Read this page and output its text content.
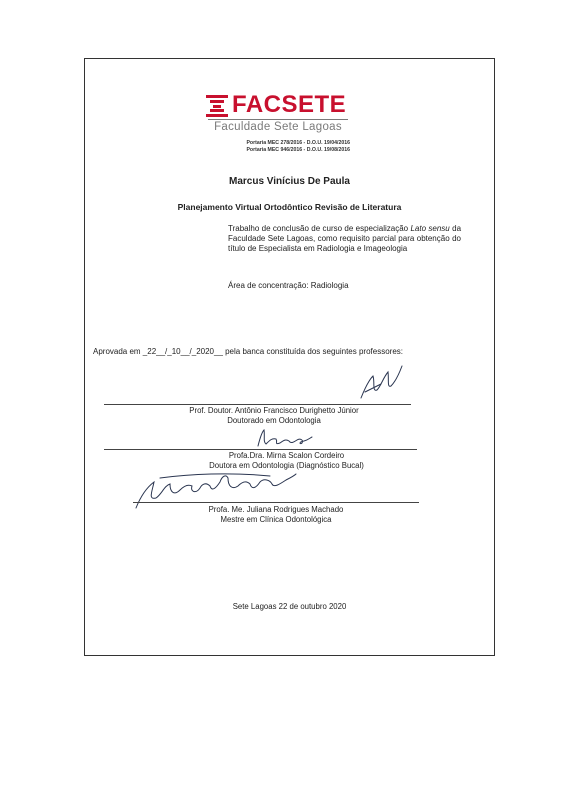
FACSETE
Faculdade Sete Lagoas
Portaria MEC 278/2016 - D.O.U. 19/04/2016
Portaria MEC 946/2016 - D.O.U. 19/08/2016
Marcus Vinícius De Paula
Planejamento Virtual Ortodôntico Revisão de Literatura
Trabalho de conclusão de curso de especialização Lato sensu da Faculdade Sete Lagoas, como requisito parcial para obtenção do título de Especialista em Radiologia e Imageologia
Área de concentração: Radiologia
Aprovada em _22__/_10__/_2020__ pela banca constituída dos seguintes professores:
Prof. Doutor. Antônio Francisco Durighetto Júnior
Doutorado em Odontologia
Profa.Dra. Mirna Scalon Cordeiro
Doutora em Odontologia (Diagnóstico Bucal)
Profa. Me. Juliana Rodrigues Machado
Mestre em Clínica Odontológica
Sete Lagoas 22 de outubro 2020
